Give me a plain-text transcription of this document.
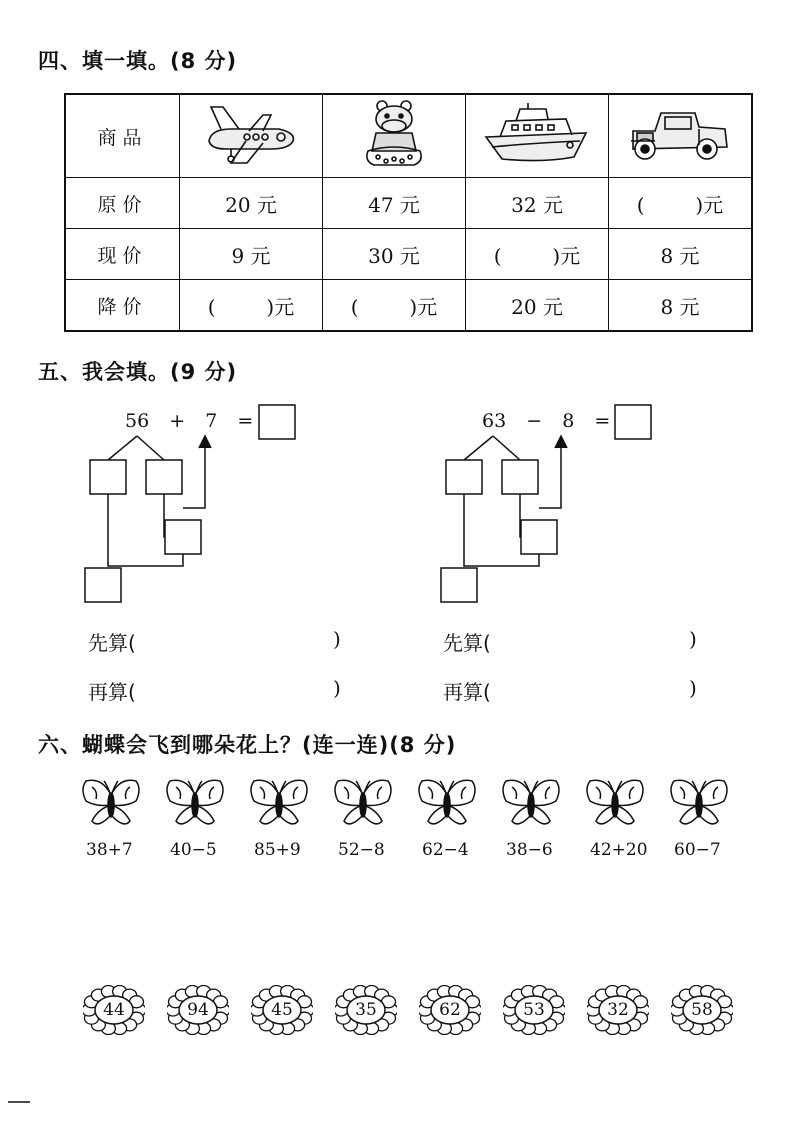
四、填一填。(8 分)
商品				
原价	20 元	47 元	32 元	(        )元
现价	9 元	30 元	(        )元	8 元
降价	(        )元	(        )元	20 元	8 元
五、我会填。(9 分)
56 + 7 =	63 − 8 =
先算(	)
再算(	)
先算(	)
再算(	)
六、蝴蝶会飞到哪朵花上？(连一连)(8 分)
38+7 40−5 85+9 52−8 62−4 38−6 42+20 60−7
44	94	45	35	62	53	32	58
